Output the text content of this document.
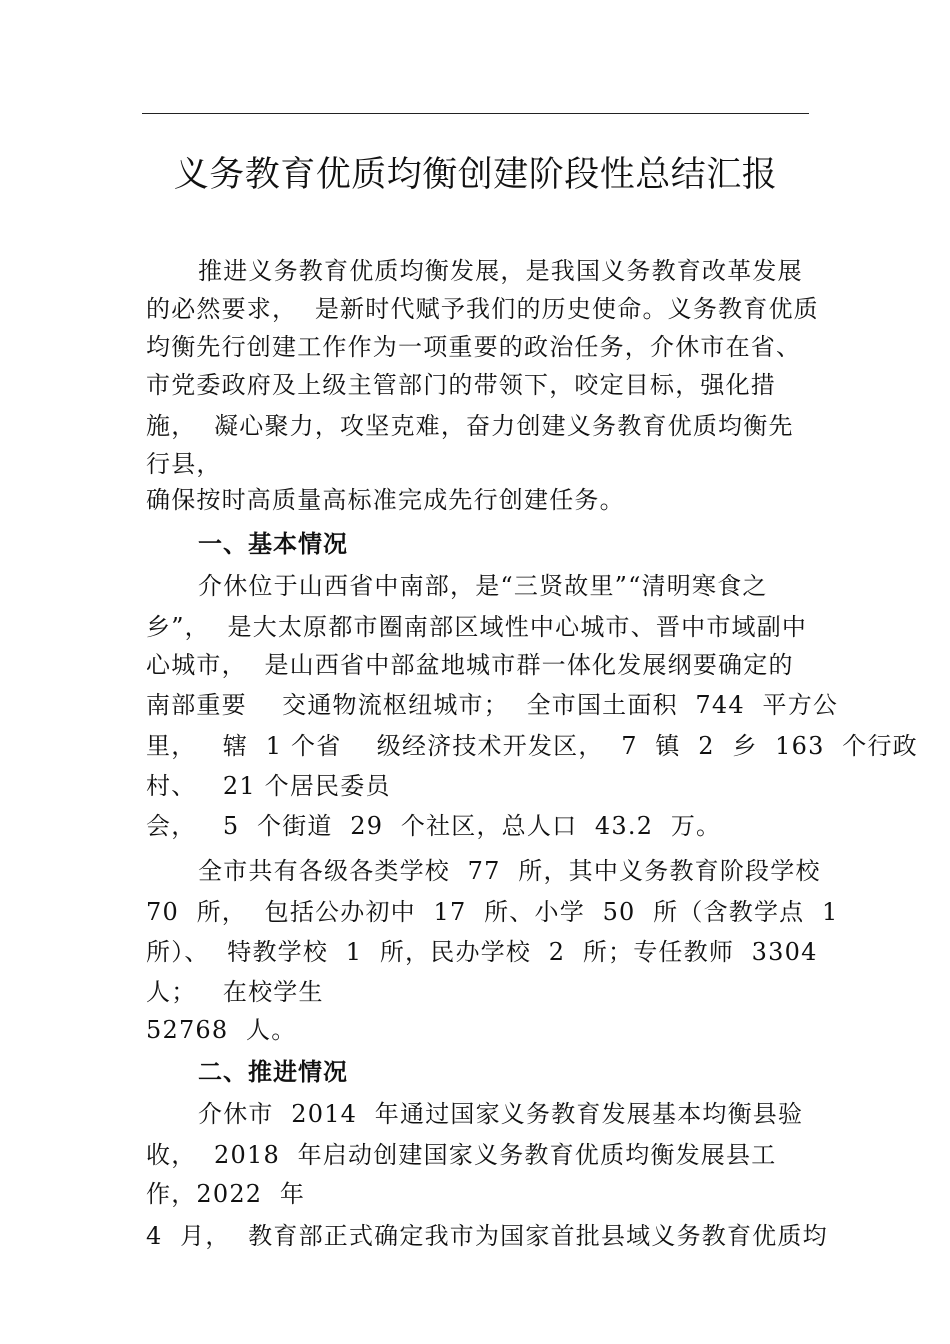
义务教育优质均衡创建阶段性总结汇报

推进义务教育优质均衡发展，是我国义务教育改革发展

的必然要求，  是新时代赋予我们的历史使命。义务教育优质

均衡先行创建工作作为一项重要的政治任务，介休市在省、

市党委政府及上级主管部门的带领下，咬定目标，强化措

施，  凝心聚力，攻坚克难，奋力创建义务教育优质均衡先

行县，

确保按时高质量高标准完成先行创建任务。

一、基本情况

介休位于山西省中南部，是“三贤故里”“清明寒食之

乡”，  是大太原都市圈南部区域性中心城市、晋中市域副中

心城市，  是山西省中部盆地城市群一体化发展纲要确定的

南部重要    交通物流枢纽城市；  全市国土面积  744  平方公

里，   辖  1 个省    级经济技术开发区，  7  镇  2  乡  163  个行政

村、   21 个居民委员

会，   5  个街道  29  个社区，总人口  43.2  万。

全市共有各级各类学校  77  所，其中义务教育阶段学校

70  所，  包括公办初中  17  所、小学  50  所（含教学点  1

所）、  特教学校  1  所，民办学校  2  所；专任教师  3304

人；   在校学生

52768  人。

二、推进情况

介休市  2014  年通过国家义务教育发展基本均衡县验

收，  2018  年启动创建国家义务教育优质均衡发展县工

作，2022  年

4  月，  教育部正式确定我市为国家首批县域义务教育优质均
